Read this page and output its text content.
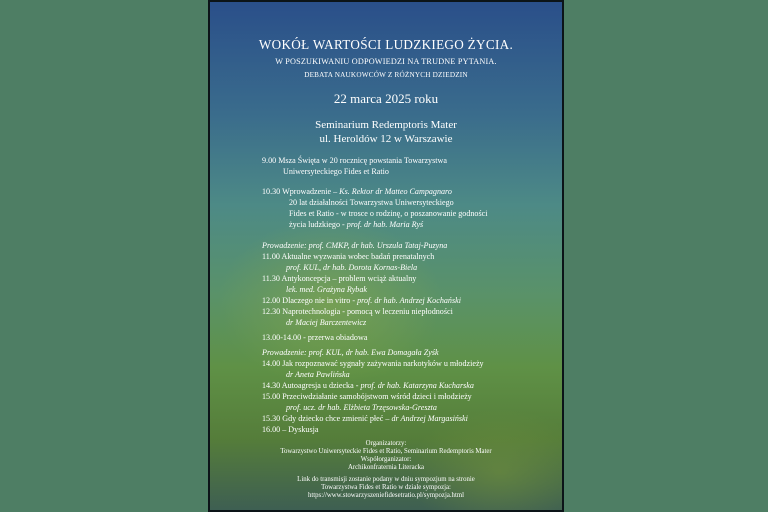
WOKÓŁ WARTOŚCI LUDZKIEGO ŻYCIA.
W POSZUKIWANIU ODPOWIEDZI NA TRUDNE PYTANIA.
DEBATA NAUKOWCÓW Z RÓŻNYCH DZIEDZIN
22 marca 2025 roku
Seminarium Redemptoris Mater
ul. Heroldów 12 w Warszawie
9.00 Msza Święta w 20 rocznicę powstania Towarzystwa
Uniwersyteckiego Fides et Ratio
10.30 Wprowadzenie – Ks. Rektor dr Matteo Campagnaro
20 lat działalności Towarzystwa Uniwersyteckiego
Fides et Ratio - w trosce o rodzinę, o poszanowanie godności
życia ludzkiego - prof. dr hab. Maria Ryś
Prowadzenie: prof. CMKP, dr hab. Urszula Tataj-Puzyna
11.00 Aktualne wyzwania wobec badań prenatalnych
prof. KUL, dr hab. Dorota Kornas-Biela
11.30 Antykoncepcja – problem wciąż aktualny
lek. med. Grażyna Rybak
12.00 Dlaczego nie in vitro - prof. dr hab. Andrzej Kochański
12.30 Naprotechnologia - pomocą w leczeniu niepłodności
dr Maciej Barczentewicz
13.00-14.00 - przerwa obiadowa
Prowadzenie: prof. KUL, dr hab. Ewa Domagała Zyśk
14.00 Jak rozpoznawać sygnały zażywania narkotyków u młodzieży
dr Aneta Pawlińska
14.30 Autoagresja u dziecka - prof. dr hab. Katarzyna Kucharska
15.00 Przeciwdziałanie samobójstwom wśród dzieci i młodzieży
prof. ucz. dr hab. Elżbieta Trzęsowska-Greszta
15.30 Gdy dziecko chce zmienić płeć – dr Andrzej Margasiński
16.00 – Dyskusja
Organizatorzy:
Towarzystwo Uniwersyteckie Fides et Ratio, Seminarium Redemptoris Mater
Współorganizator:
Archikonfraternia Literacka
Link do transmisji zostanie podany w dniu sympozjum na stronie
Towarzystwa Fides et Ratio w dziale sympozja:
https://www.stowarzyszeniefidesetratio.pl/sympozja.html
